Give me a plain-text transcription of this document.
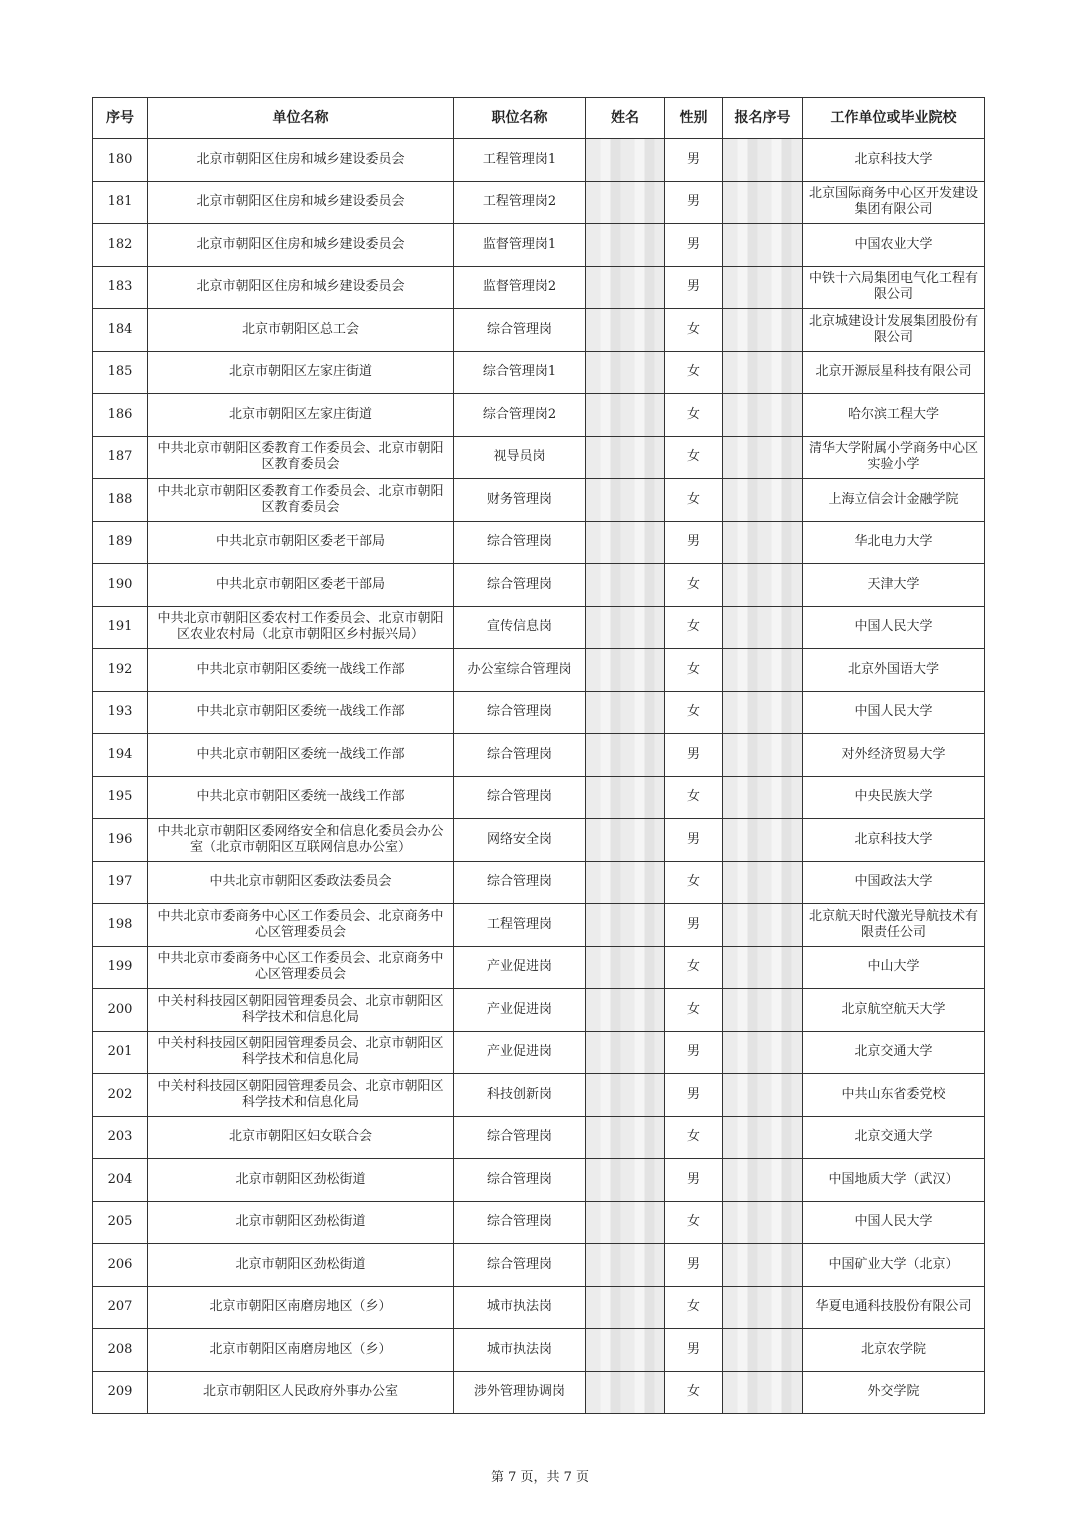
序号	单位名称	职位名称	姓名	性别	报名序号	工作单位或毕业院校
180	北京市朝阳区住房和城乡建设委员会	工程管理岗1		男		北京科技大学
181	北京市朝阳区住房和城乡建设委员会	工程管理岗2		男		北京国际商务中心区开发建设集团有限公司
182	北京市朝阳区住房和城乡建设委员会	监督管理岗1		男		中国农业大学
183	北京市朝阳区住房和城乡建设委员会	监督管理岗2		男		中铁十六局集团电气化工程有限公司
184	北京市朝阳区总工会	综合管理岗		女		北京城建设计发展集团股份有限公司
185	北京市朝阳区左家庄街道	综合管理岗1		女		北京开源辰星科技有限公司
186	北京市朝阳区左家庄街道	综合管理岗2		女		哈尔滨工程大学
187	中共北京市朝阳区委教育工作委员会、北京市朝阳区教育委员会	视导员岗		女		清华大学附属小学商务中心区实验小学
188	中共北京市朝阳区委教育工作委员会、北京市朝阳区教育委员会	财务管理岗		女		上海立信会计金融学院
189	中共北京市朝阳区委老干部局	综合管理岗		男		华北电力大学
190	中共北京市朝阳区委老干部局	综合管理岗		女		天津大学
191	中共北京市朝阳区委农村工作委员会、北京市朝阳区农业农村局（北京市朝阳区乡村振兴局）	宣传信息岗		女		中国人民大学
192	中共北京市朝阳区委统一战线工作部	办公室综合管理岗		女		北京外国语大学
193	中共北京市朝阳区委统一战线工作部	综合管理岗		女		中国人民大学
194	中共北京市朝阳区委统一战线工作部	综合管理岗		男		对外经济贸易大学
195	中共北京市朝阳区委统一战线工作部	综合管理岗		女		中央民族大学
196	中共北京市朝阳区委网络安全和信息化委员会办公室（北京市朝阳区互联网信息办公室）	网络安全岗		男		北京科技大学
197	中共北京市朝阳区委政法委员会	综合管理岗		女		中国政法大学
198	中共北京市委商务中心区工作委员会、北京商务中心区管理委员会	工程管理岗		男		北京航天时代激光导航技术有限责任公司
199	中共北京市委商务中心区工作委员会、北京商务中心区管理委员会	产业促进岗		女		中山大学
200	中关村科技园区朝阳园管理委员会、北京市朝阳区科学技术和信息化局	产业促进岗		女		北京航空航天大学
201	中关村科技园区朝阳园管理委员会、北京市朝阳区科学技术和信息化局	产业促进岗		男		北京交通大学
202	中关村科技园区朝阳园管理委员会、北京市朝阳区科学技术和信息化局	科技创新岗		男		中共山东省委党校
203	北京市朝阳区妇女联合会	综合管理岗		女		北京交通大学
204	北京市朝阳区劲松街道	综合管理岗		男		中国地质大学（武汉）
205	北京市朝阳区劲松街道	综合管理岗		女		中国人民大学
206	北京市朝阳区劲松街道	综合管理岗		男		中国矿业大学（北京）
207	北京市朝阳区南磨房地区（乡）	城市执法岗		女		华夏电通科技股份有限公司
208	北京市朝阳区南磨房地区（乡）	城市执法岗		男		北京农学院
209	北京市朝阳区人民政府外事办公室	涉外管理协调岗		女		外交学院
第 7 页，共 7 页
